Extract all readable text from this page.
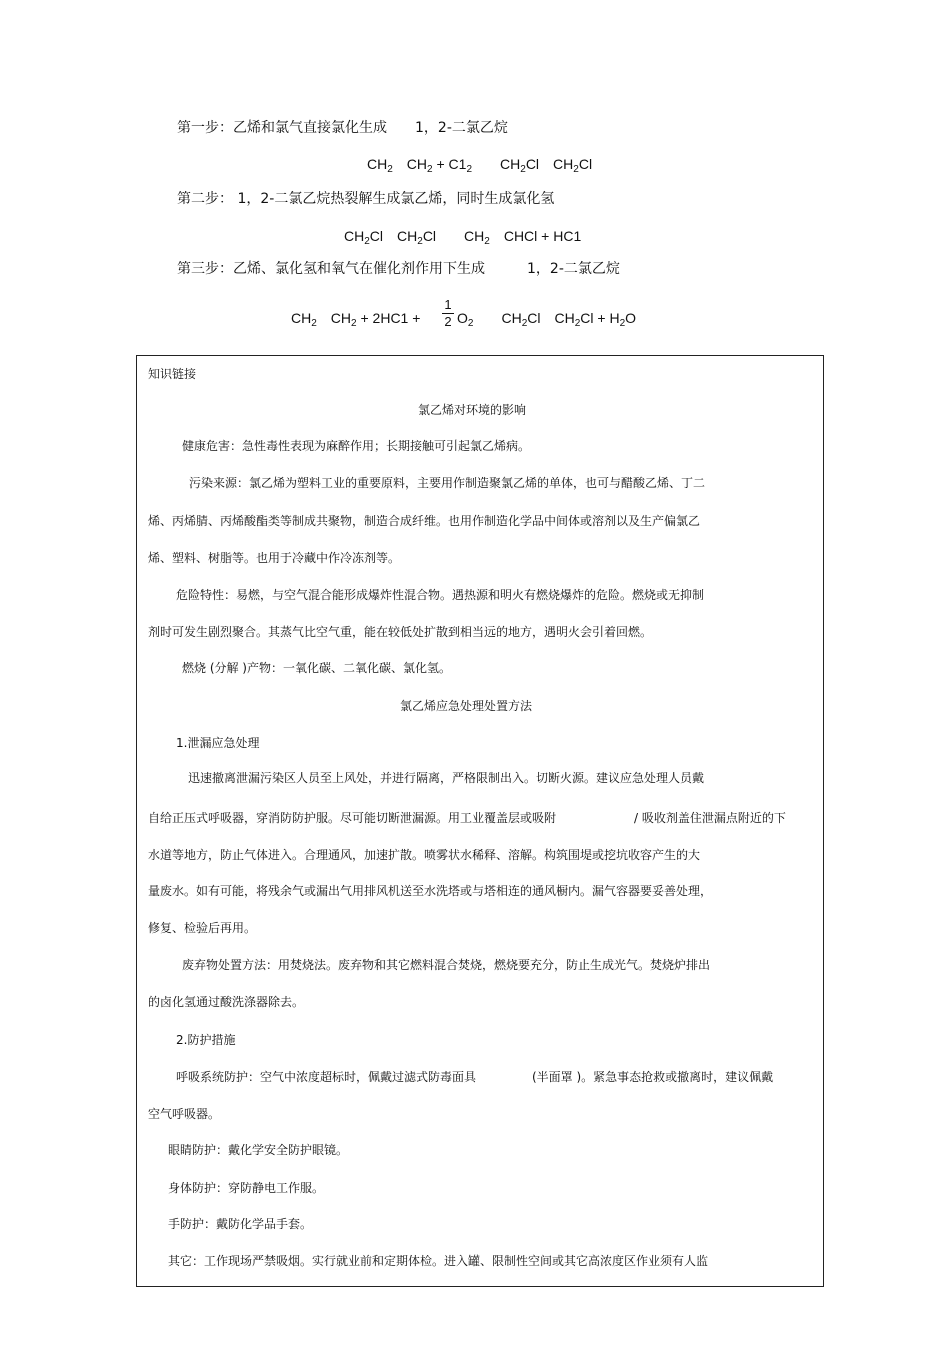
第一步：乙烯和氯气直接氯化生成　　1，2-二氯乙烷
$CH_2$　$CH_2 + C1_2$　　$CH_2Cl$　$CH_2Cl$
第二步： 1，2-二氯乙烷热裂解生成氯乙烯，同时生成氯化氢
$CH_2Cl$　$CH_2Cl$　　$CH_2$　CHCl + HC1
第三步：乙烯、氯化氢和氧气在催化剂作用下生成　　　1，2-二氯乙烷
$CH_2$　$CH_2 + 2HC1$ +
1
2 $O_2$　　$CH_2Cl$　$CH_2Cl + H_2O$
知识链接
氯乙烯对环境的影响
健康危害：急性毒性表现为麻醉作用；长期接触可引起氯乙烯病。
污染来源：氯乙烯为塑料工业的重要原料，主要用作制造聚氯乙烯的单体，也可与醋酸乙烯、丁二
烯、丙烯腈、丙烯酸酯类等制成共聚物，制造合成纤维。也用作制造化学品中间体或溶剂以及生产偏氯乙
烯、塑料、树脂等。也用于冷藏中作冷冻剂等。
危险特性：易燃，与空气混合能形成爆炸性混合物。遇热源和明火有燃烧爆炸的危险。燃烧或无抑制
剂时可发生剧烈聚合。其蒸气比空气重，能在较低处扩散到相当远的地方，遇明火会引着回燃。
燃烧 (分解 )产物：一氧化碳、二氧化碳、氯化氢。
氯乙烯应急处理处置方法
1.泄漏应急处理
迅速撤离泄漏污染区人员至上风处，并进行隔离，严格限制出入。切断火源。建议应急处理人员戴
自给正压式呼吸器，穿消防防护服。尽可能切断泄漏源。用工业覆盖层或吸附	/ 吸收剂盖住泄漏点附近的下
水道等地方，防止气体进入。合理通风，加速扩散。喷雾状水稀释、溶解。构筑围堤或挖坑收容产生的大
量废水。如有可能，将残余气或漏出气用排风机送至水洗塔或与塔相连的通风橱内。漏气容器要妥善处理，
修复、检验后再用。
废弃物处置方法：用焚烧法。废弃物和其它燃料混合焚烧，燃烧要充分，防止生成光气。焚烧炉排出
的卤化氢通过酸洗涤器除去。
2.防护措施
呼吸系统防护：空气中浓度超标时，佩戴过滤式防毒面具	(半面罩 )。紧急事态抢救或撤离时，建议佩戴
空气呼吸器。
眼睛防护：戴化学安全防护眼镜。
身体防护：穿防静电工作服。
手防护：戴防化学品手套。
其它：工作现场严禁吸烟。实行就业前和定期体检。进入罐、限制性空间或其它高浓度区作业须有人监
